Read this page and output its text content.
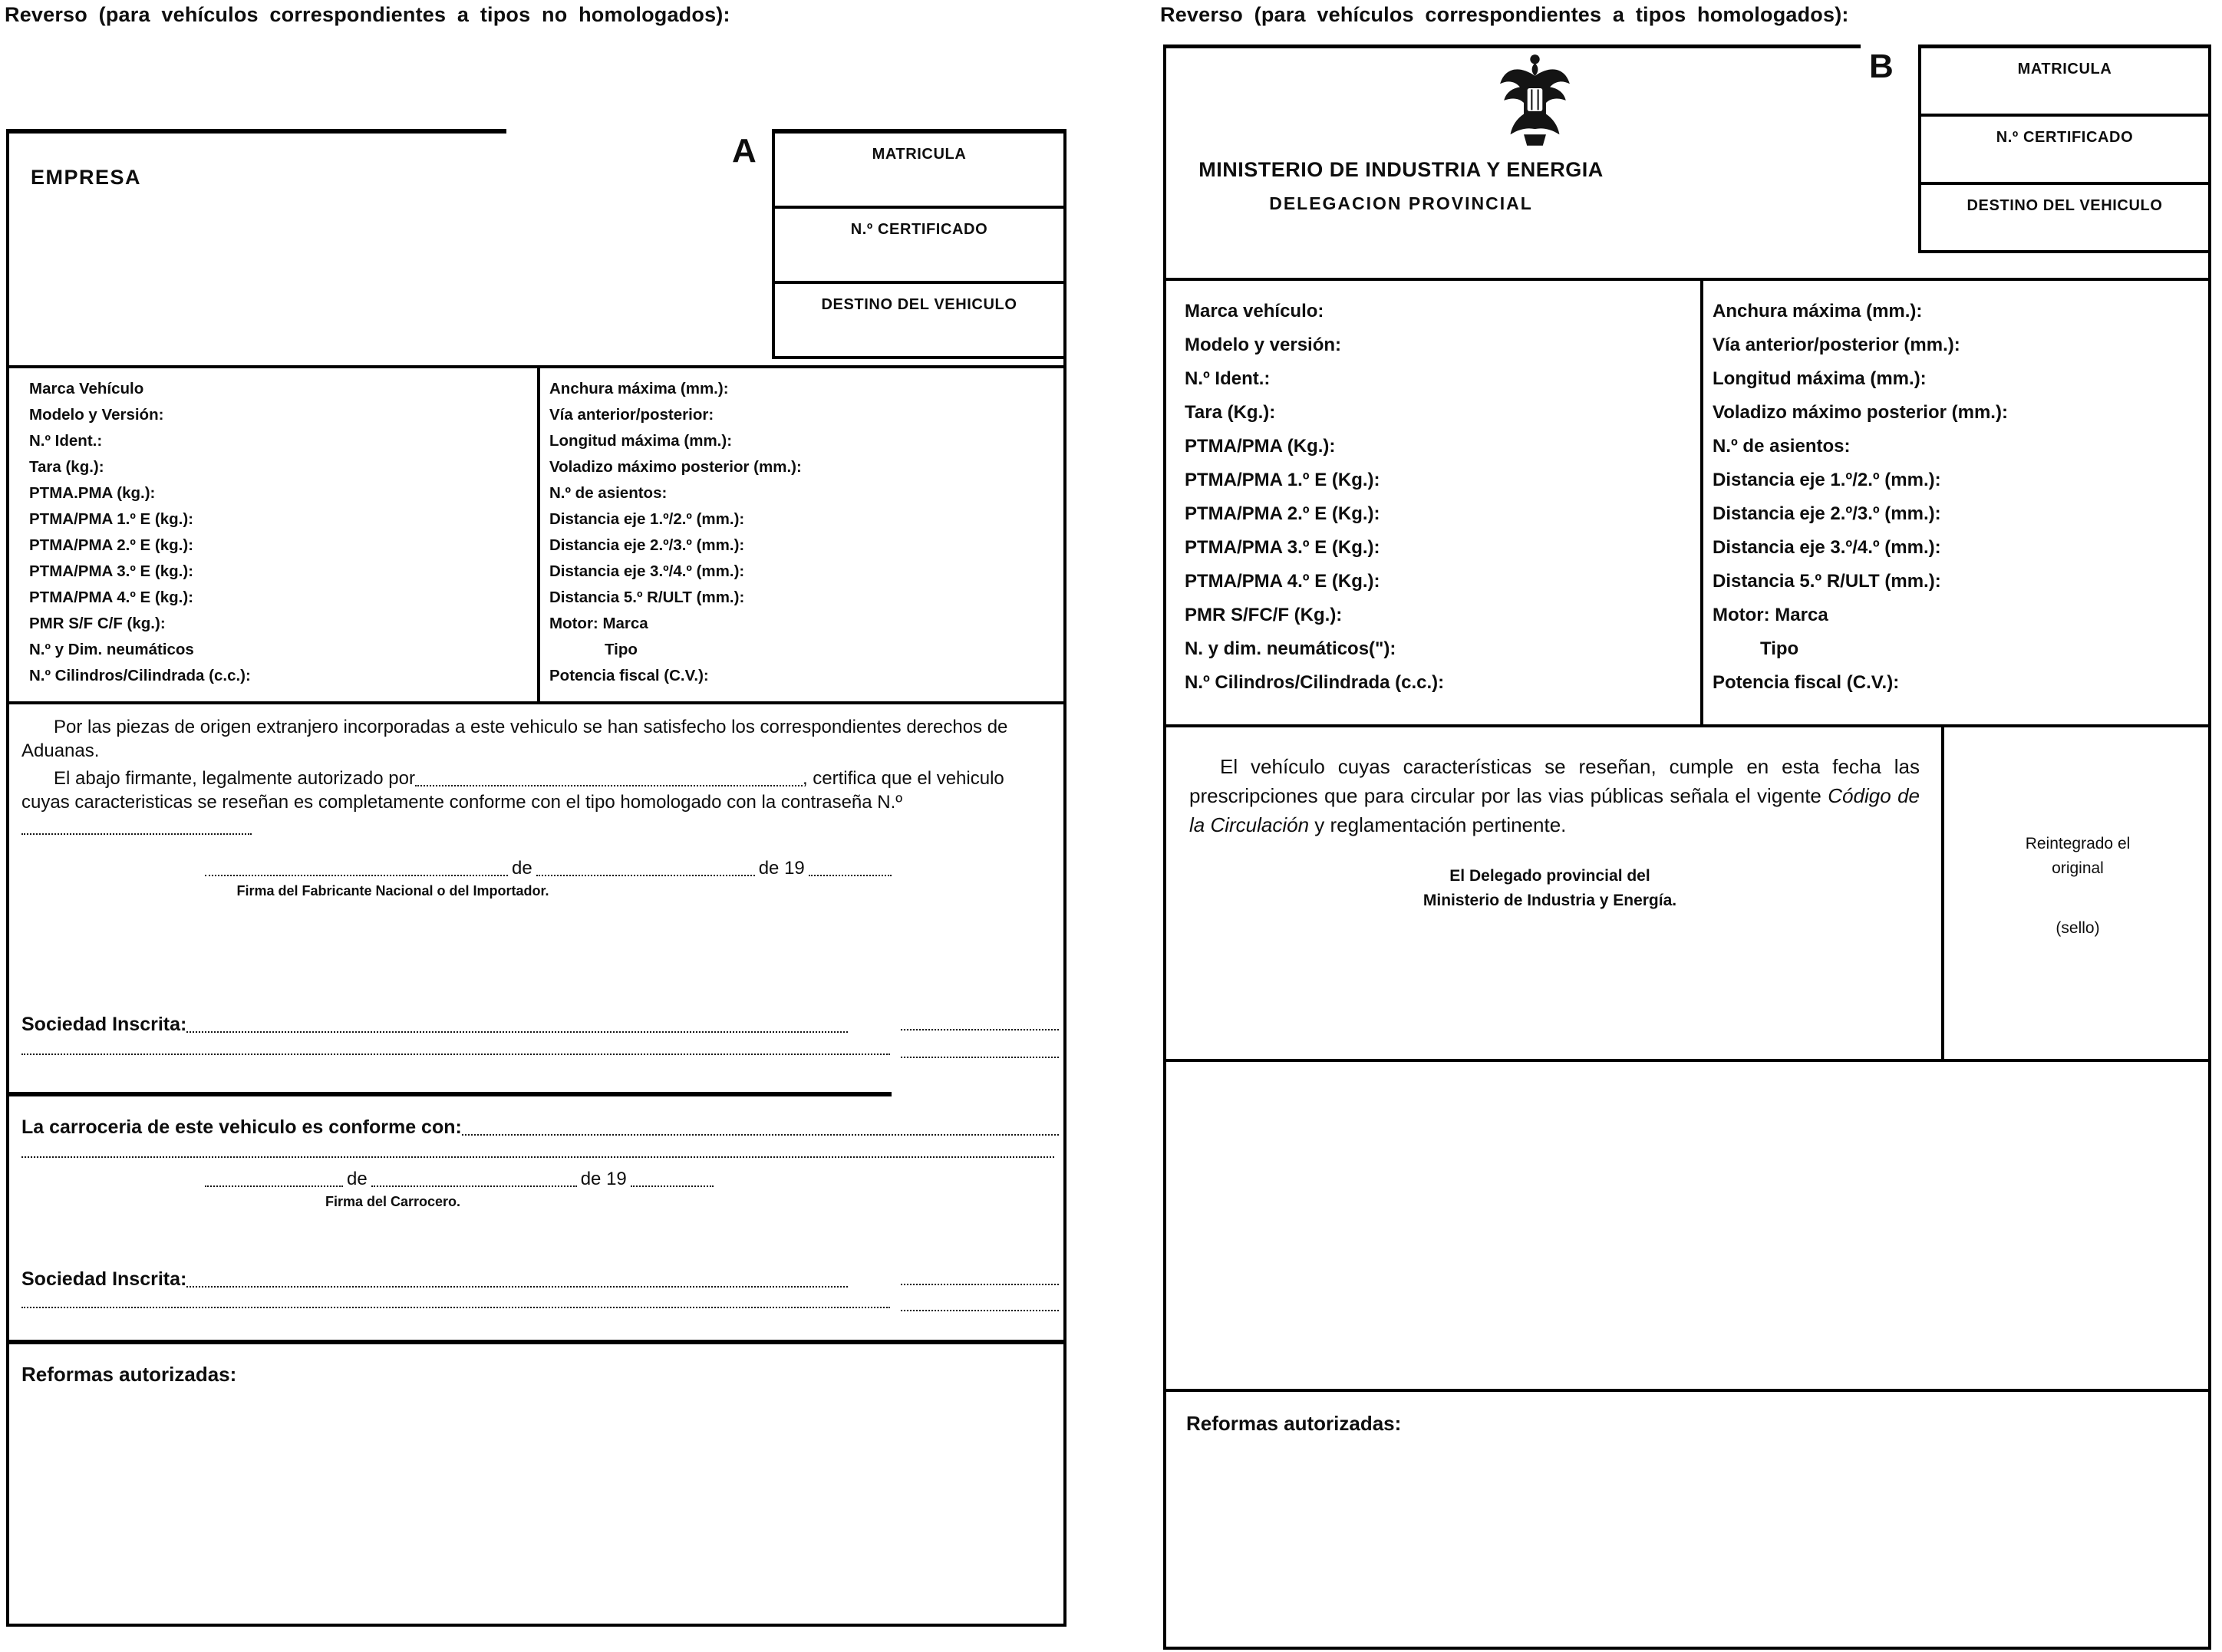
Reverso (para vehículos correspondientes a tipos no homologados):	Reverso (para vehículos correspondientes a tipos homologados):
A
EMPRESA
MATRICULA
N.º CERTIFICADO
DESTINO DEL VEHICULO
Marca Vehículo
Modelo y Versión:
N.º Ident.:
Tara (kg.):
PTMA.PMA (kg.):
PTMA/PMA 1.º E (kg.):
PTMA/PMA 2.º E (kg.):
PTMA/PMA 3.º E (kg.):
PTMA/PMA 4.º E (kg.):
PMR S/F C/F (kg.):
N.º y Dim. neumáticos
N.º Cilindros/Cilindrada (c.c.):
Anchura máxima (mm.):
Vía anterior/posterior:
Longitud máxima (mm.):
Voladizo máximo posterior (mm.):
N.º de asientos:
Distancia eje 1.º/2.º (mm.):
Distancia eje 2.º/3.º (mm.):
Distancia eje 3.º/4.º (mm.):
Distancia 5.º R/ULT (mm.):
Motor: Marca
Tipo
Potencia fiscal (C.V.):
Por las piezas de origen extranjero incorporadas a este vehiculo se han satisfecho los correspondientes derechos de Aduanas.
El abajo firmante, legalmente autorizado por	, certifica que el vehiculo cuyas caracteristicas se reseñan es completamente conforme con el tipo homologado con la contraseña N.º
de	de 19
Firma del Fabricante Nacional o del Importador.
Sociedad Inscrita:
La carroceria de este vehiculo es conforme con:
de	de 19
Firma del Carrocero.
Sociedad Inscrita:
Reformas autorizadas:
B
MINISTERIO DE INDUSTRIA Y ENERGIA
DELEGACION PROVINCIAL
MATRICULA
N.º CERTIFICADO
DESTINO DEL VEHICULO
Marca vehículo:
Modelo y versión:
N.º Ident.:
Tara (Kg.):
PTMA/PMA (Kg.):
PTMA/PMA 1.º E (Kg.):
PTMA/PMA 2.º E (Kg.):
PTMA/PMA 3.º E (Kg.):
PTMA/PMA 4.º E (Kg.):
PMR S/FC/F (Kg.):
N. y dim. neumáticos("):
N.º Cilindros/Cilindrada (c.c.):
Anchura máxima (mm.):
Vía anterior/posterior (mm.):
Longitud máxima (mm.):
Voladizo máximo posterior (mm.):
N.º de asientos:
Distancia eje 1.º/2.º (mm.):
Distancia eje 2.º/3.º (mm.):
Distancia eje 3.º/4.º (mm.):
Distancia 5.º R/ULT (mm.):
Motor: Marca
Tipo
Potencia fiscal (C.V.):
El vehículo cuyas características se reseñan, cumple en esta fecha las prescripciones que para circular por las vias públicas señala el vigente Código de la Circulación y reglamentación pertinente.
El Delegado provincial del
Ministerio de Industria y Energía.
Reintegrado el
original
(sello)
Reformas autorizadas:
